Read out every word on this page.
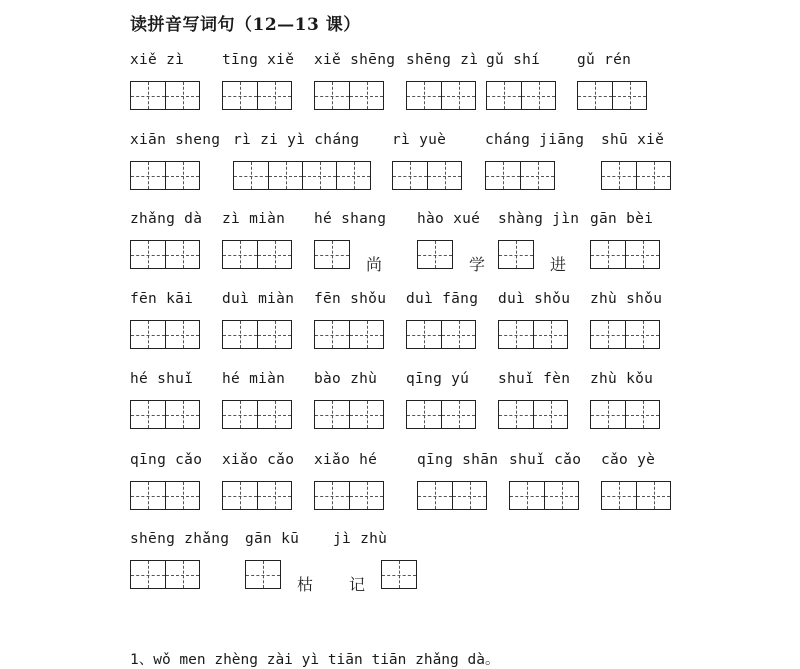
读拼音写词句（12—13 课）
xiě zì	tīng xiě xiě shēng shēng zì gǔ shí	gǔ rén
xiān sheng rì zi yì cháng rì yuè	cháng jiāng shū xiě
zhǎng dà zì miàn hé shang
尚
hào xué
学
shàng jìn
进
gān bèi
fēn kāi duì miàn fēn shǒu duì fāng duì shǒu zhù shǒu
hé shuǐ hé miàn bào zhù qīng yú shuǐ fèn zhù kǒu
qīng cǎo xiǎo cǎo xiǎo hé	qīng shān shuǐ cǎo cǎo yè
shēng zhǎng gān kū
枯
jì zhù
记
1、wǒ men zhèng zài yì tiān tiān zhǎng dà。
